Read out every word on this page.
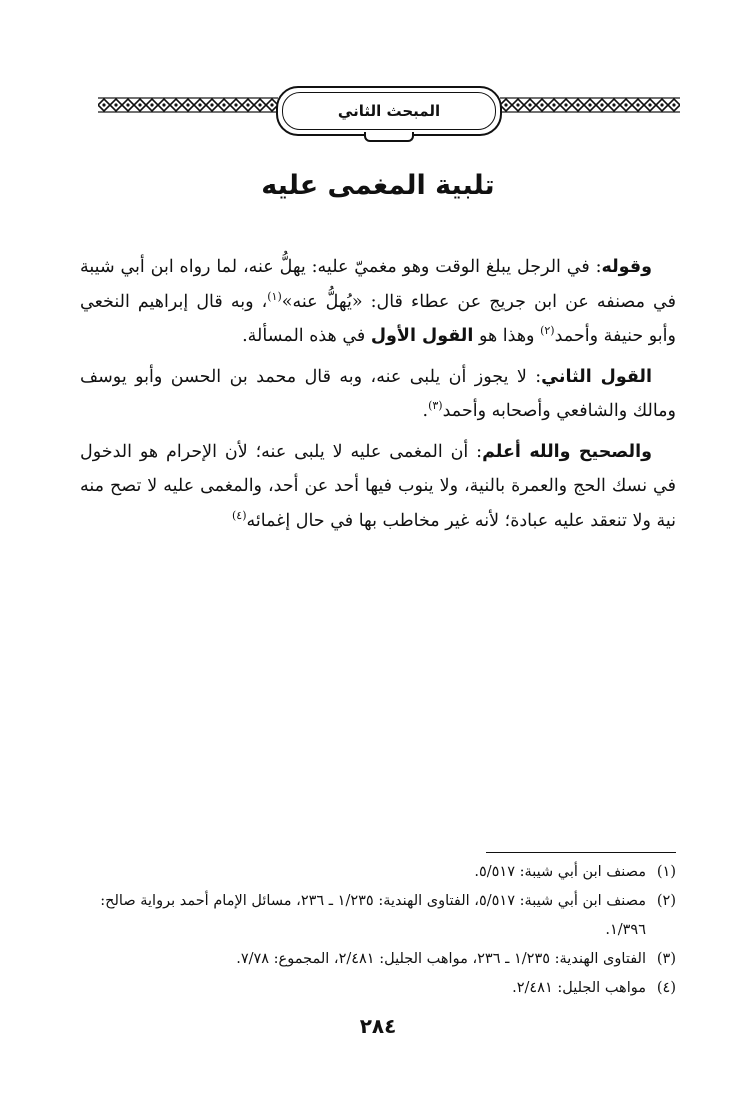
المبحث الثاني
تلبية المغمى عليه

وقوله: في الرجل يبلغ الوقت وهو مغميّ عليه: يهلُّ عنه، لما رواه ابن أبي شيبة في مصنفه عن ابن جريج عن عطاء قال: «يُهلُّ عنه»$^{(١)}$، وبه قال إبراهيم النخعي وأبو حنيفة وأحمد$^{(٢)}$ وهذا هو القول الأول في هذه المسألة.

القول الثاني: لا يجوز أن يلبى عنه، وبه قال محمد بن الحسن وأبو يوسف ومالك والشافعي وأصحابه وأحمد$^{(٣)}$.

والصحيح والله أعلم: أن المغمى عليه لا يلبى عنه؛ لأن الإحرام هو الدخول في نسك الحج والعمرة بالنية، ولا ينوب فيها أحد عن أحد، والمغمى عليه لا تصح منه نية ولا تنعقد عليه عبادة؛ لأنه غير مخاطب بها في حال إغمائه$^{(٤)}$

(١)
مصنف ابن أبي شيبة: ٥/٥١٧.
(٢)
مصنف ابن أبي شيبة: ٥/٥١٧، الفتاوى الهندية: ١/٢٣٥ ـ ٢٣٦، مسائل الإمام أحمد برواية صالح: ١/٣٩٦.
(٣)
الفتاوى الهندية: ١/٢٣٥ ـ ٢٣٦، مواهب الجليل: ٢/٤٨١، المجموع: ٧/٧٨.
(٤)
مواهب الجليل: ٢/٤٨١.
٢٨٤
